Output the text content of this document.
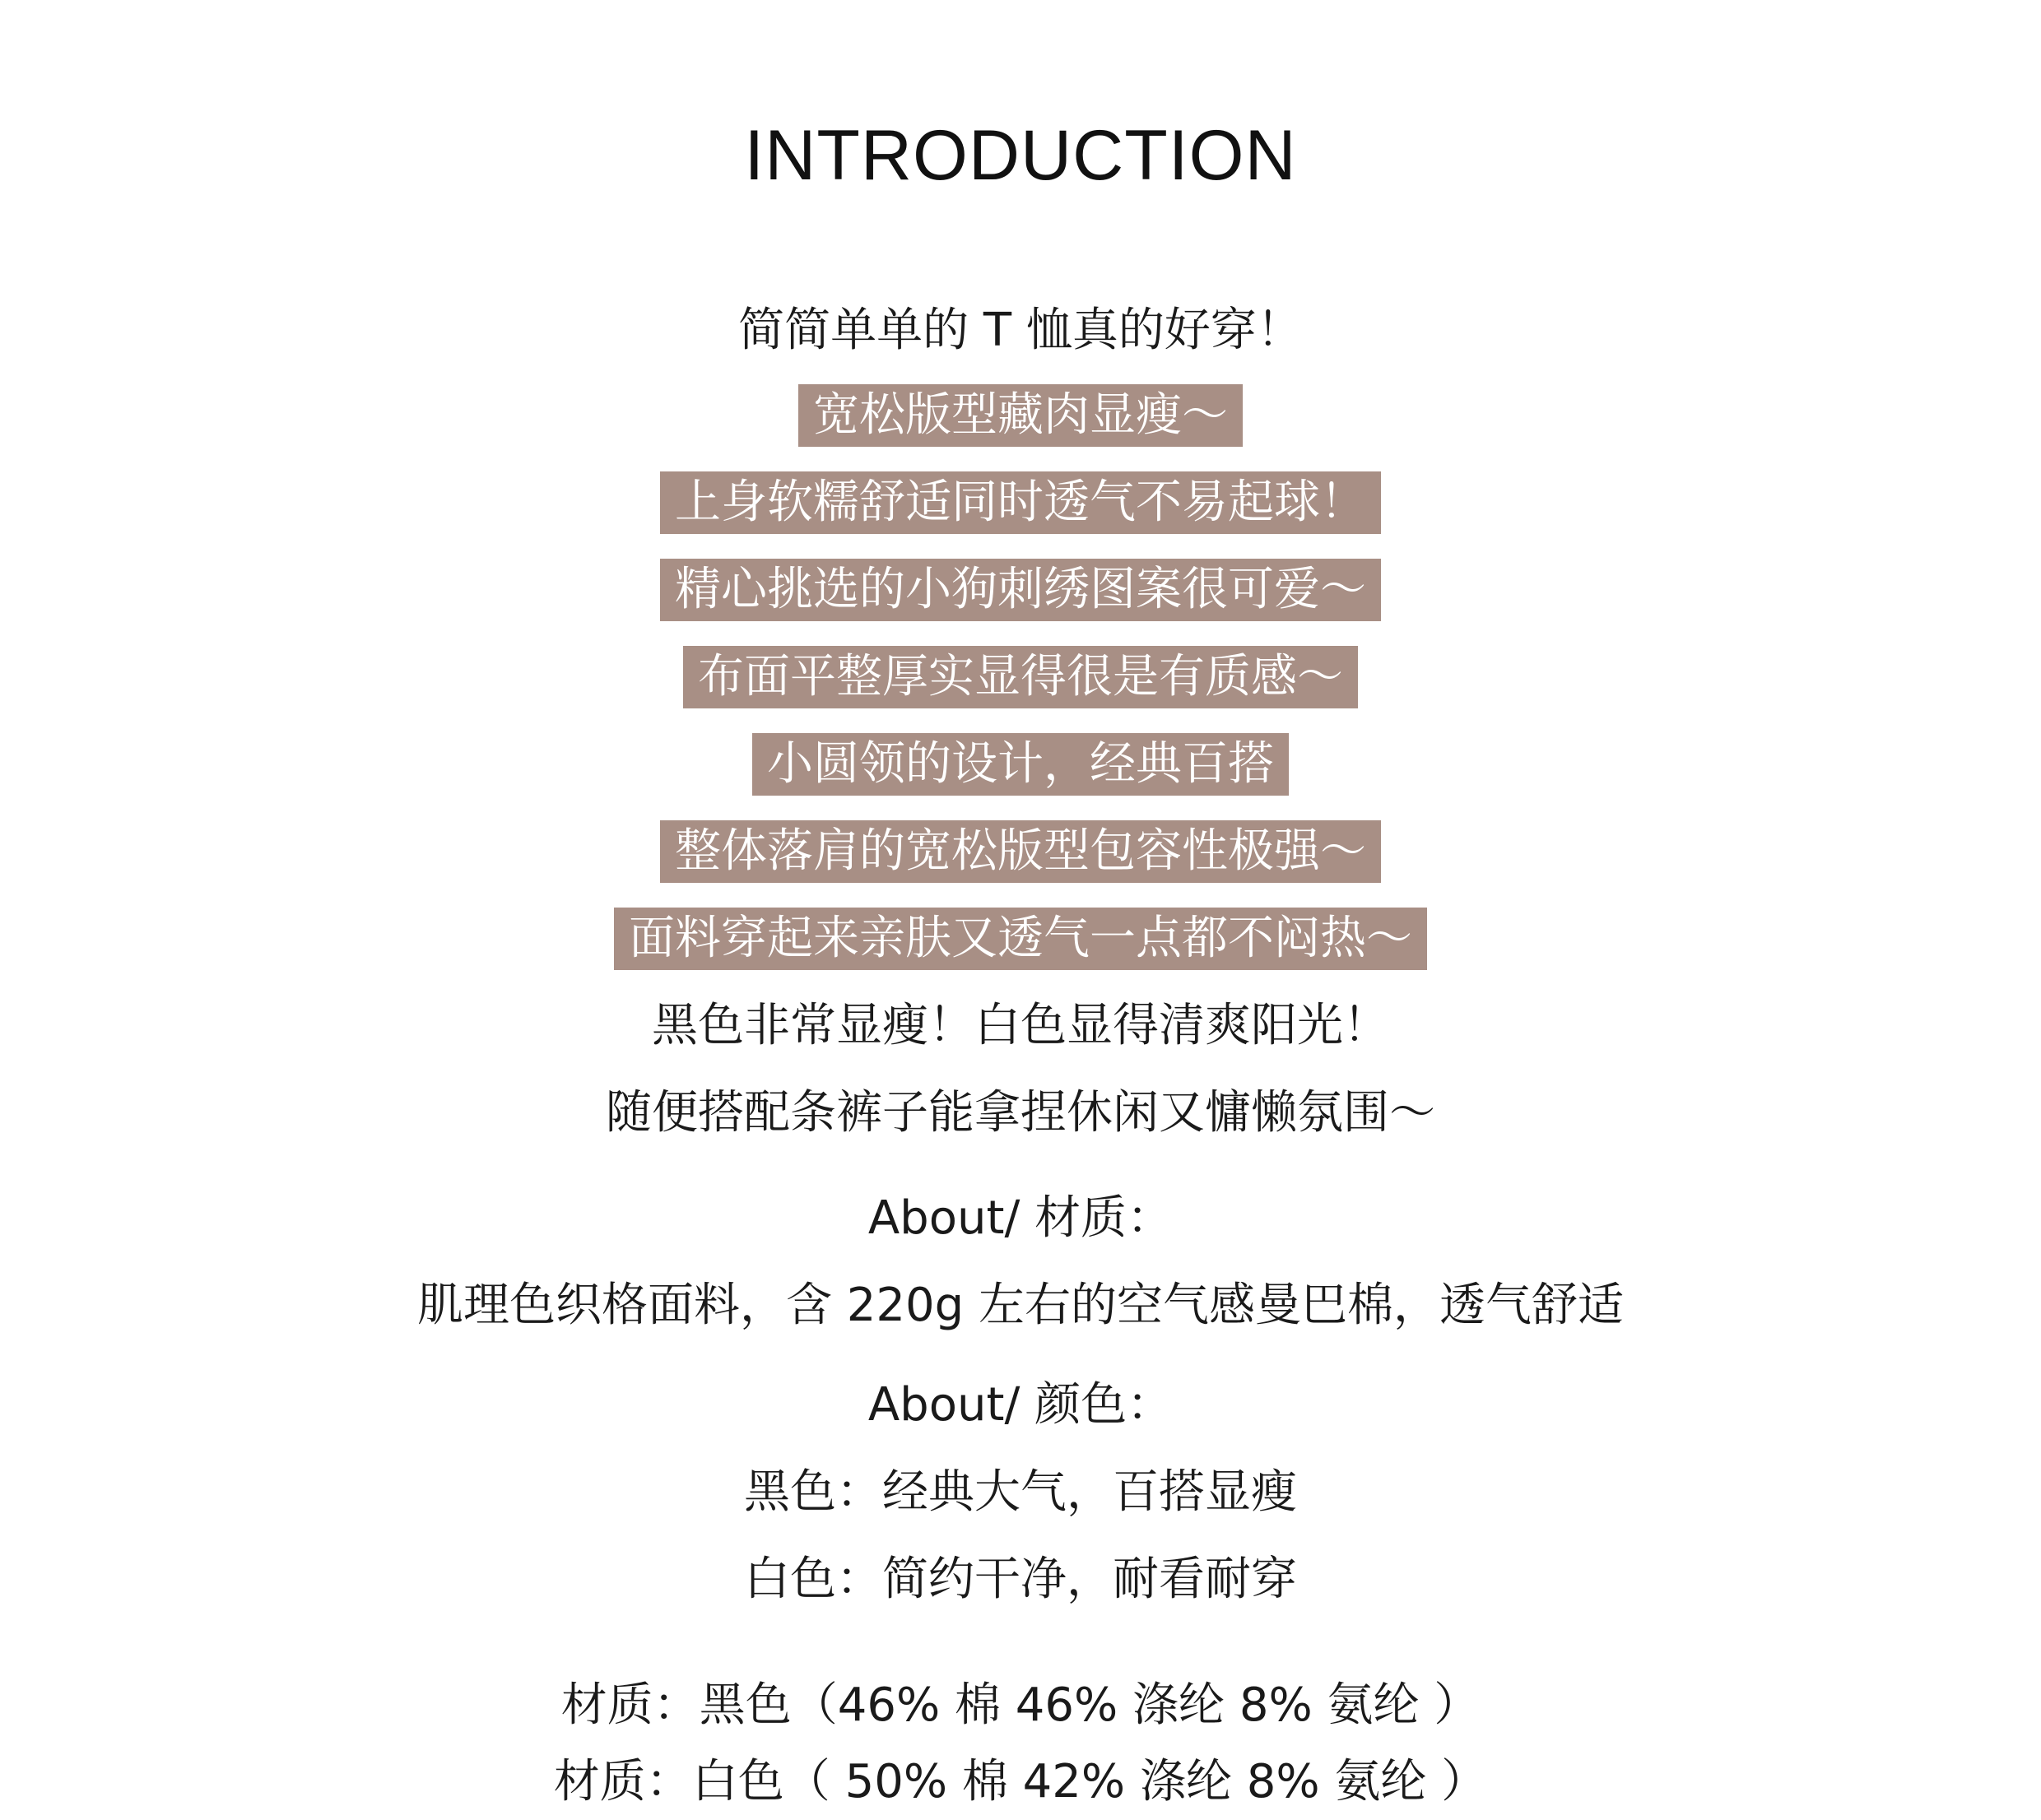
INTRODUCTION
简简单单的 T 恤真的好穿！
宽松版型藏肉显瘦～
上身软糯舒适同时透气不易起球！
精心挑选的小狗刺绣图案很可爱～
布面平整厚实显得很是有质感～
小圆领的设计，经典百搭
整体落肩的宽松版型包容性极强～
面料穿起来亲肤又透气一点都不闷热～
黑色非常显瘦！白色显得清爽阳光！
随便搭配条裤子能拿捏休闲又慵懒氛围～
About/ 材质：
肌理色织格面料，含 220g 左右的空气感曼巴棉，透气舒适
About/ 颜色：
黑色：经典大气，百搭显瘦
白色：简约干净，耐看耐穿
材质：黑色（46% 棉 46% 涤纶 8% 氨纶 ）
材质：白色（ 50% 棉 42% 涤纶 8% 氨纶 ）
